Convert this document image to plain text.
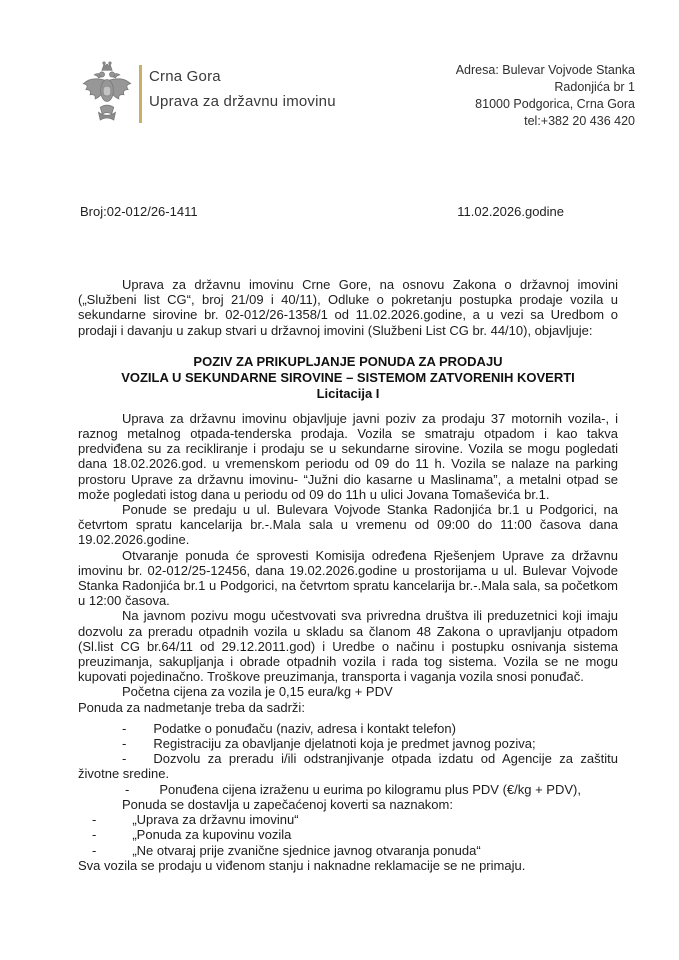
Crna Gora
Uprava za državnu imovinu
Adresa: Bulevar Vojvode Stanka
Radonjića br 1
81000 Podgorica, Crna Gora
tel:+382 20 436 420
Broj:02-012/26-1411	11.02.2026.godine

Uprava za državnu imovinu Crne Gore, na osnovu Zakona o državnoj imovini („Službeni list CG“, broj 21/09 i 40/11), Odluke o pokretanju postupka prodaje vozila u sekundarne sirovine br. 02-012/26-1358/1 od 11.02.2026.godine, a u vezi sa Uredbom o prodaji i davanju u zakup stvari u državnoj imovini (Službeni List CG br. 44/10), objavljuje:

POZIV ZA PRIKUPLJANJE PONUDA ZA PRODAJU
VOZILA U SEKUNDARNE SIROVINE – SISTEMOM ZATVORENIH KOVERTI
Licitacija I

Uprava za državnu imovinu objavljuje javni poziv za prodaju 37 motornih vozila-, i raznog metalnog otpada-tenderska prodaja. Vozila se smatraju otpadom i kao takva predviđena su za recikliranje i prodaju se u sekundarne sirovine. Vozila se mogu pogledati dana 18.02.2026.god. u vremenskom periodu od 09 do 11 h. Vozila se nalaze na parking prostoru Uprave za državnu imovinu- “Južni dio kasarne u Maslinama”, a metalni otpad se može pogledati istog dana u periodu od 09 do 11h u ulici Jovana Tomaševića br.1.

Ponude se predaju u ul. Bulevara Vojvode Stanka Radonjića br.1 u Podgorici, na četvrtom spratu kancelarija br.-.Mala sala u vremenu od 09:00 do 11:00 časova dana 19.02.2026.godine.

Otvaranje ponuda će sprovesti Komisija određena Rješenjem Uprave za državnu imovinu br. 02-012/25-12456, dana 19.02.2026.godine u prostorijama u ul. Bulevar Vojvode Stanka Radonjića br.1 u Podgorici, na četvrtom spratu kancelarija br.-.Mala sala, sa početkom u 12:00 časova.

Na javnom pozivu mogu učestvovati sva privredna društva ili preduzetnici koji imaju dozvolu za preradu otpadnih vozila u skladu sa članom 48 Zakona o upravljanju otpadom (Sl.list CG br.64/11 od 29.12.2011.god) i Uredbe o načinu i postupku osnivanja sistema preuzimanja, sakupljanja i obrade otpadnih vozila i rada tog sistema. Vozila se ne mogu kupovati pojedinačno. Troškove preuzimanja, transporta i vaganja vozila snosi ponuđač.

Početna cijena za vozila je 0,15 eura/kg + PDV

Ponuda za nadmetanje treba da sadrži:

- Podatke o ponuđaču (naziv, adresa i kontakt telefon)

- Registraciju za obavljanje djelatnoti koja je predmet javnog poziva;

- Dozvolu za preradu i/ili odstranjivanje otpada izdatu od Agencije za zaštitu životne sredine.

- Ponuđena cijena izraženu u eurima po kilogramu plus PDV (€/kg + PDV),

Ponuda se dostavlja u zapečaćenoj koverti sa naznakom:

-	„Uprava za državnu imovinu“

-	„Ponuda za kupovinu vozila

-	„Ne otvaraj prije zvanične sjednice javnog otvaranja ponuda“

Sva vozila se prodaju u viđenom stanju i naknadne reklamacije se ne primaju.
